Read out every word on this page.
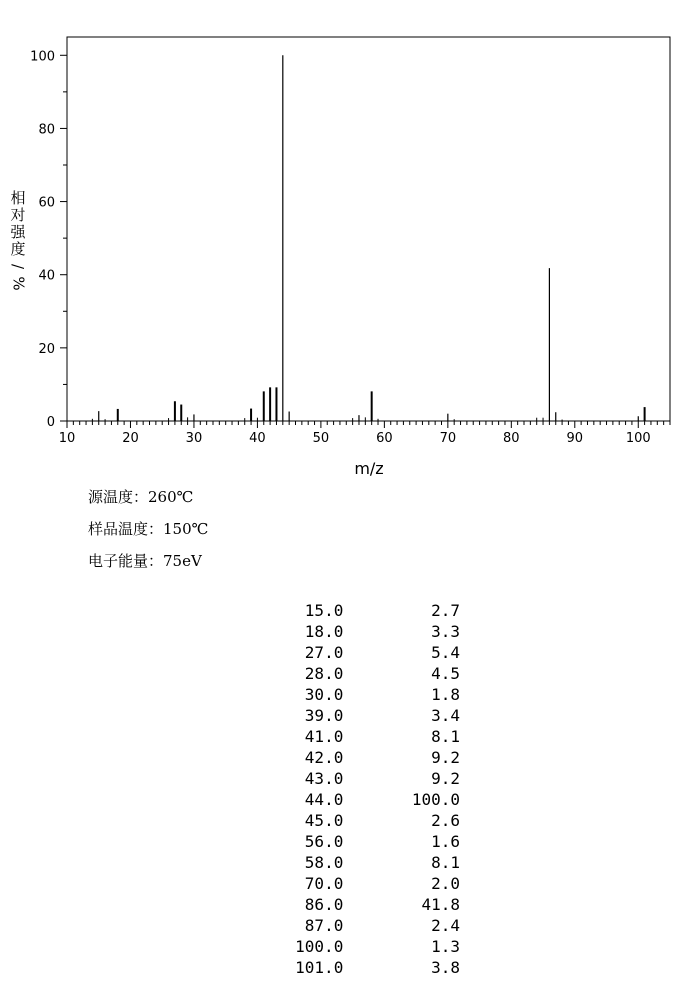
0
20
40
60
80
100
10	20	30	40	50	60	70	80	90	100
m/z
相
对
强
度
/
%

源温度：260℃
样品温度：150℃
电子能量：75eV
15.0	2.7
18.0	3.3
27.0	5.4
28.0	4.5
30.0	1.8
39.0	3.4
41.0	8.1
42.0	9.2
43.0	9.2
44.0	100.0
45.0	2.6
56.0	1.6
58.0	8.1
70.0	2.0
86.0	41.8
87.0	2.4
100.0	1.3
101.0	3.8
